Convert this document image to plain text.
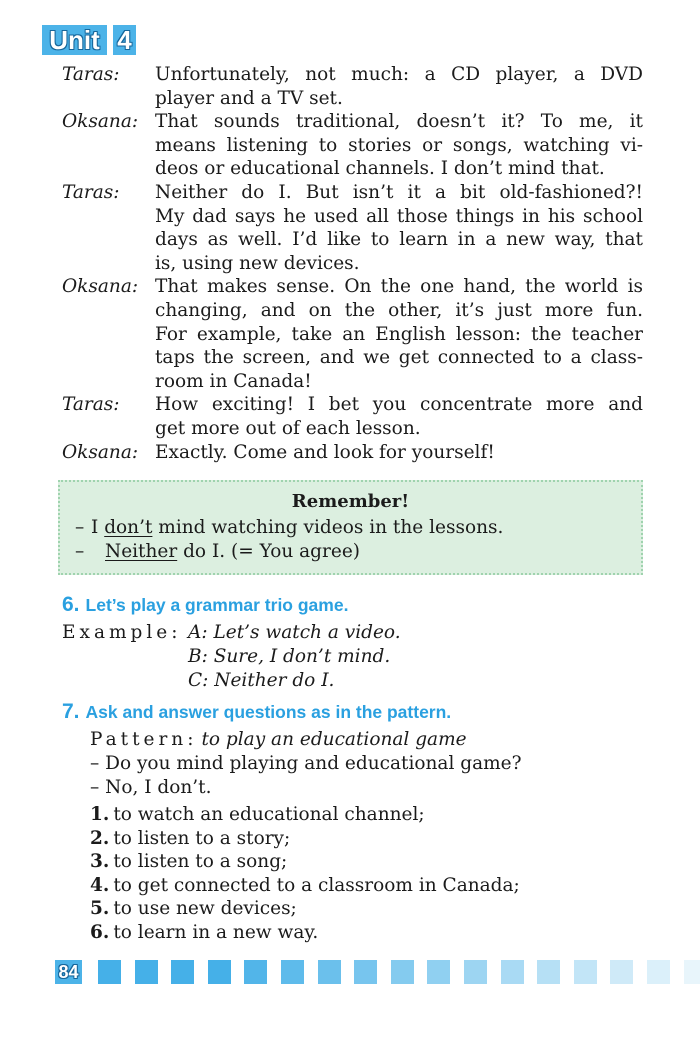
Unit 4
Taras:	Unfortunately, not much: a CD player, a DVD
player and a TV set.
Oksana: That sounds traditional, doesn’t it? To me, it
means listening to stories or songs, watching vi-
deos or educational channels. I don’t mind that.
Taras:	Neither do I. But isn’t it a bit old-fashioned?!
My dad says he used all those things in his school
days as well. I’d like to learn in a new way, that
is, using new devices.
Oksana: That makes sense. On the one hand, the world is
changing, and on the other, it’s just more fun.
For example, take an English lesson: the teacher
taps the screen, and we get connected to a class-
room in Canada!
Taras:	How exciting! I bet you concentrate more and
get more out of each lesson.
Oksana: Exactly. Come and look for yourself!
Remember!
– I don’t mind watching videos in the lessons.
– Neither do I. (= You agree)
6. Let’s play a grammar trio game.
Example: A: Let’s watch a video.
B: Sure, I don’t mind.
C: Neither do I.
7. Ask and answer questions as in the pattern.
Pattern: to play an educational game
– Do you mind playing and educational game?
– No, I don’t.
1. to watch an educational channel;
2. to listen to a story;
3. to listen to a song;
4. to get connected to a classroom in Canada;
5. to use new devices;
6. to learn in a new way.
84
